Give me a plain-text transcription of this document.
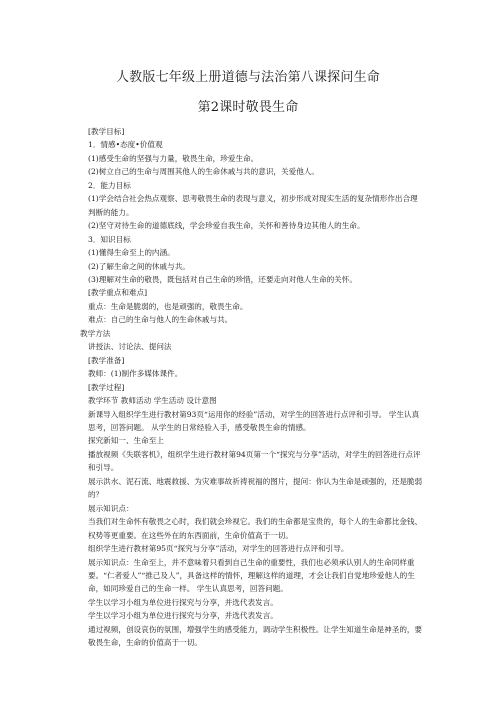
人教版七年级上册道德与法治第八课探问生命
第2课时敬畏生命
[教学目标]
1．情感•态度•价值观
(1)感受生命的坚强与力量，敬畏生命，珍爱生命。
(2)树立自己的生命与周围其他人的生命休戚与共的意识，关爱他人。
2．能力目标
(1)学会结合社会热点观察、思考敬畏生命的表现与意义，初步形成对现实生活的复杂情形作出合理判断的能力。
(2)坚守对待生命的道德底线，学会珍爱自我生命，关怀和善待身边其他人的生命。
3．知识目标
(1)懂得生命至上的内涵。
(2)了解生命之间的休戚与共。
(3)理解对生命的敬畏，既包括对自己生命的珍惜，还要走向对他人生命的关怀。
[教学重点和难点]
重点：生命是脆弱的，也是顽强的，敬畏生命。
难点：自己的生命与他人的生命休戚与共。
教学方法
讲授法、讨论法、提问法
[教学准备]
教师：(1)制作多媒体课件。
[教学过程]
教学环节 教师活动 学生活动 设计意图
新课导入组织学生进行教材第93页“运用你的经验”活动，对学生的回答进行点评和引导。 学生认真思考，回答问题。 从学生的日常经验入手，感受敬畏生命的情感。
探究新知一、生命至上
播放视频《失联客机》，组织学生进行教材第94页第一个“探究与分享”活动，对学生的回答进行点评和引导。
展示洪水、泥石流、地震救援、为灾难事故祈祷祝福的图片，提问：你认为生命是顽强的，还是脆弱的？
展示知识点：
当我们对生命怀有敬畏之心时，我们就会珍视它。我们的生命都是宝贵的，每个人的生命都比金钱、权势等更重要。在这些外在的东西面前，生命价值高于一切。
组织学生进行教材第95页“探究与分享”活动，对学生的回答进行点评和引导。
展示知识点：生命至上，并不意味着只看到自己生命的重要性，我们也必须承认别人的生命同样重要。“仁者爱人”“推己及人”，具备这样的情怀，理解这样的道理，才会让我们自觉地珍爱他人的生命，如同珍爱自己的生命一样。 学生认真思考，回答问题。
学生以学习小组为单位进行探究与分享，并选代表发言。
学生以学习小组为单位进行探究与分享，并选代表发言。
通过视频，创设哀伤的氛围，增强学生的感受能力，调动学生积极性。让学生知道生命是神圣的，要敬畏生命，生命的价值高于一切。
